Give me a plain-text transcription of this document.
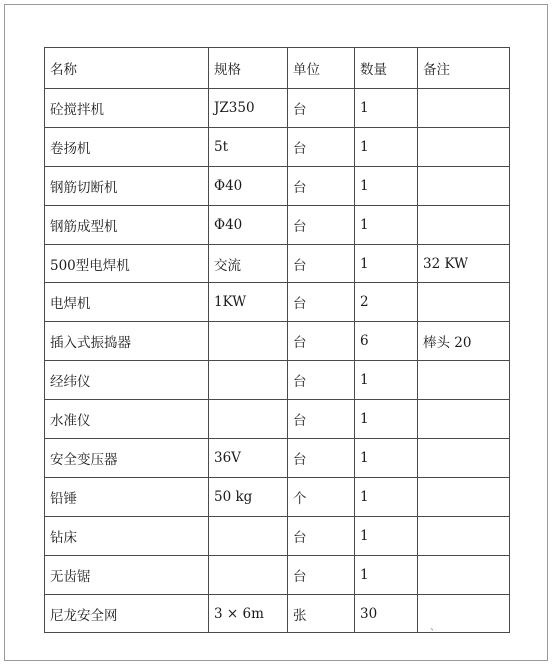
名称	规格	单位	数量	备注
砼搅拌机	JZ350	台	1	
卷扬机	5t	台	1	
钢筋切断机	Φ40	台	1	
钢筋成型机	Φ40	台	1	
500型电焊机	交流	台	1	32 KW
电焊机	1KW	台	2	
插入式振捣器		台	6	棒头 20
经纬仪		台	1	
水准仪		台	1	
安全变压器	36V	台	1	
铅锤	50 kg	个	1	
钻床		台	1	
无齿锯		台	1	
尼龙安全网	3 × 6m	张	30	
、
